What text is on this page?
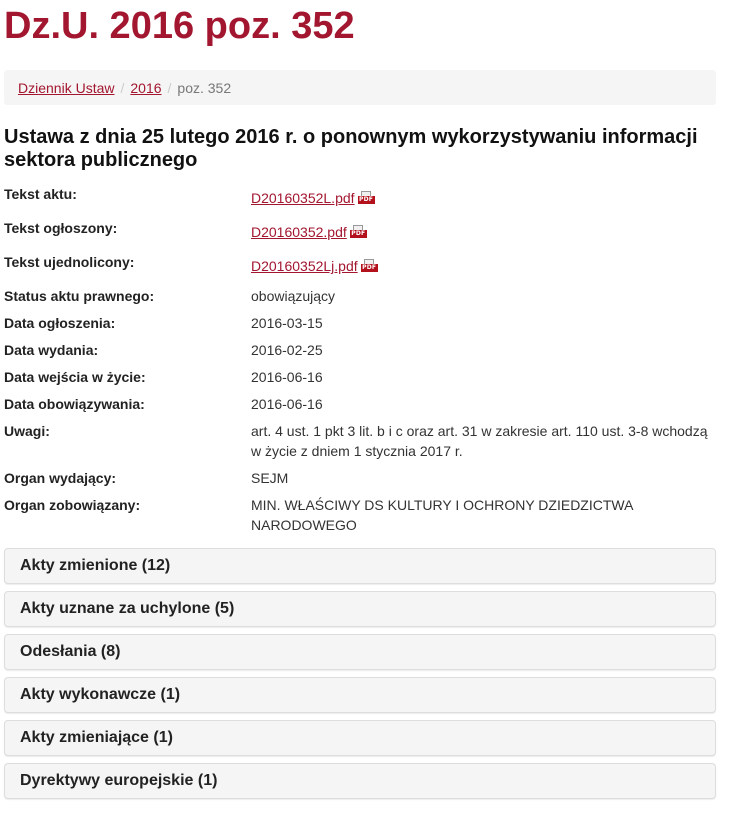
Dz.U. 2016 poz. 352
Dziennik Ustaw / 2016 / poz. 352
Ustawa z dnia 25 lutego 2016 r. o ponownym wykorzystywaniu informacji sektora publicznego
Tekst aktu:	D20160352L.pdf PDF
Tekst ogłoszony:	D20160352.pdf PDF
Tekst ujednolicony:	D20160352Lj.pdf PDF
Status aktu prawnego:	obowiązujący
Data ogłoszenia:	2016-03-15
Data wydania:	2016-02-25
Data wejścia w życie:	2016-06-16
Data obowiązywania:	2016-06-16
Uwagi:	art. 4 ust. 1 pkt 3 lit. b i c oraz art. 31 w zakresie art. 110 ust. 3-8 wchodzą w życie z dniem 1 stycznia 2017 r.
Organ wydający:	SEJM
Organ zobowiązany:	MIN. WŁAŚCIWY DS KULTURY I OCHRONY DZIEDZICTWA NARODOWEGO
Akty zmienione (12)
Akty uznane za uchylone (5)
Odesłania (8)
Akty wykonawcze (1)
Akty zmieniające (1)
Dyrektywy europejskie (1)
